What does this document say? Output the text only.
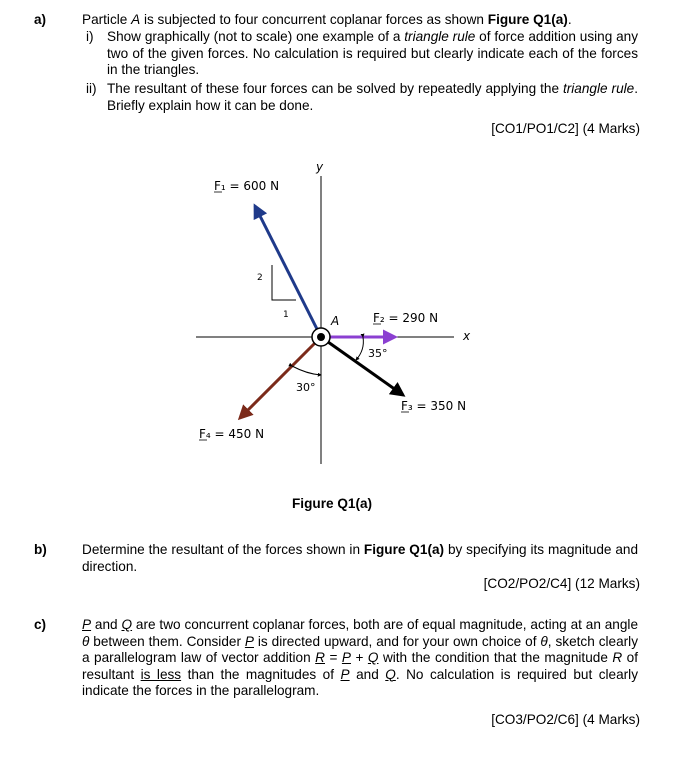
a)	Particle A is subjected to four concurrent coplanar forces as shown Figure Q1(a).
i) Show graphically (not to scale) one example of a triangle rule of force addition using any two of the given forces. No calculation is required but clearly indicate each of the forces in the triangles.
ii) The resultant of these four forces can be solved by repeatedly applying the triangle rule. Briefly explain how it can be done.
[CO1/PO1/C2] (4 Marks)
y
x
A
F₁ = 600 N
F₂ = 290 N
F₃ = 350 N
F₄ = 450 N
2
1
35°
30°
Figure Q1(a)
b)	Determine the resultant of the forces shown in Figure Q1(a) by specifying its magnitude and direction.
[CO2/PO2/C4] (12 Marks)
c)	P and Q are two concurrent coplanar forces, both are of equal magnitude, acting at an angle θ between them. Consider P is directed upward, and for your own choice of θ, sketch clearly a parallelogram law of vector addition R = P + Q with the condition that the magnitude R of resultant is less than the magnitudes of P and Q. No calculation is required but clearly indicate the forces in the parallelogram.
[CO3/PO2/C6] (4 Marks)
